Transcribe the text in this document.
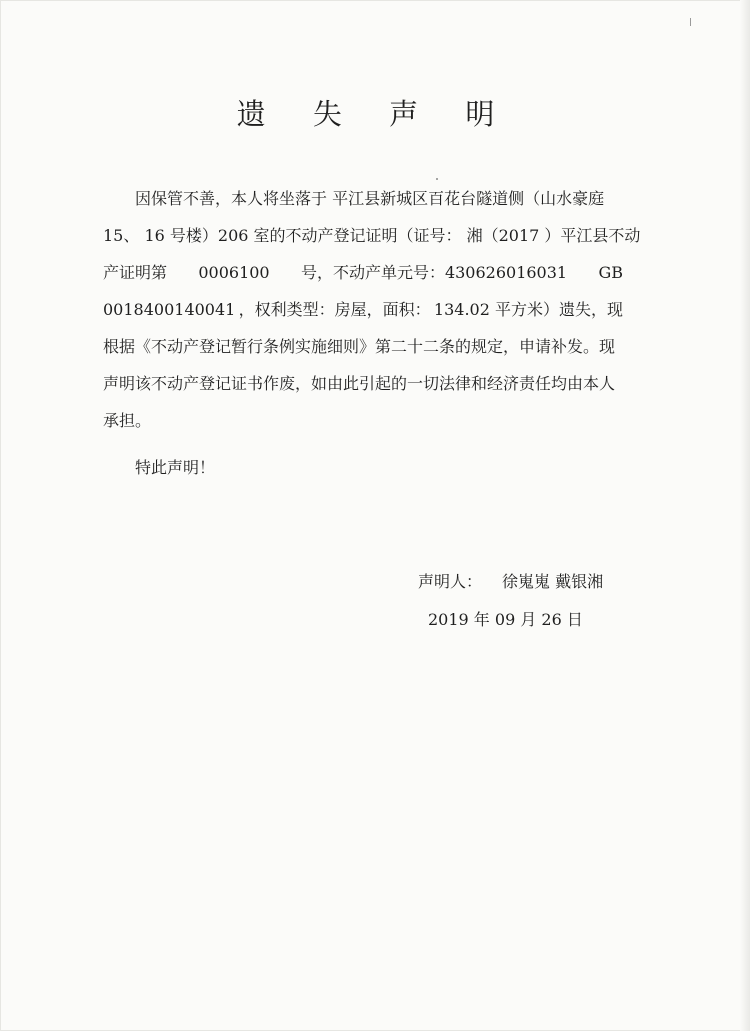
遗 失 声 明
因保管不善，本人将坐落于 平江县新城区百花台隧道侧（山水豪庭
15、 16 号楼）206 室的不动产登记证明（证号： 湘（2017 ）平江县不动
产证明第 0006100 号，不动产单元号：430626016031 GB
0018400140041 ，权利类型：房屋，面积： 134.02 平方米）遗失，现
根据《不动产登记暂行条例实施细则》第二十二条的规定，申请补发。现
声明该不动产登记证书作废，如由此引起的一切法律和经济责任均由本人
承担。
特此声明！
声明人： 徐嵬嵬 戴银湘
2019 年 09 月 26 日
